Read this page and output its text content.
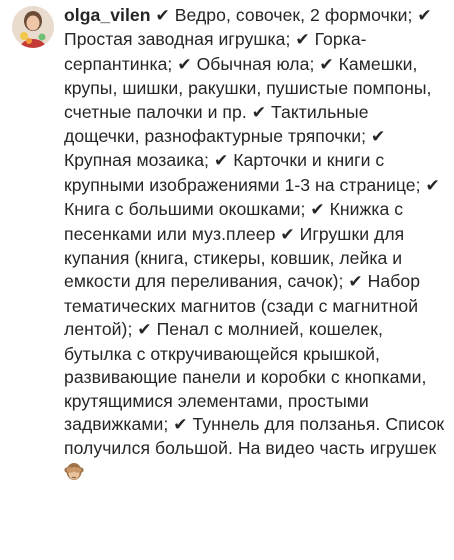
olga_vilen ✔ Ведро, совочек, 2 формочки; ✔ Простая заводная игрушка; ✔ Горка-серпантинка; ✔ Обычная юла; ✔ Камешки, крупы, шишки, ракушки, пушистые помпоны, счетные палочки и пр. ✔ Тактильные дощечки, разнофактурные тряпочки; ✔ Крупная мозаика; ✔ Карточки и книги с крупными изображениями 1-3 на странице; ✔ Книга с большими окошками; ✔ Книжка с песенками или муз.плеер ✔ Игрушки для купания (книга, стикеры, ковшик, лейка и емкости для переливания, сачок); ✔ Набор тематических магнитов (сзади с магнитной лентой); ✔ Пенал с молнией, кошелек, бутылка с откручивающейся крышкой, развивающие панели и коробки с кнопками, крутящимися элементами, простыми задвижками; ✔ Туннель для ползанья. Список получился большой. На видео часть игрушек
